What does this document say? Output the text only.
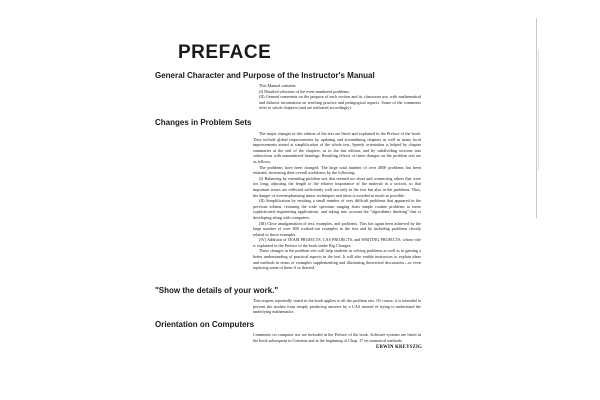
PREFACE
General Character and Purpose of the Instructor's Manual

This Manual contains:

(I) Detailed solutions of the even-numbered problems.

(II) General comments on the purpose of each section and its classroom use, with mathematical and didactic information on teaching practice and pedagogical aspects. Some of the comments refer to whole chapters (and are indicated accordingly).

Changes in Problem Sets

The major changes in this edition of the text are listed and explained in the Preface of the book. They include global improvements by updating and streamlining chapters as well as many local improvements aimed at simplification of the whole text. Speedy orientation is helped by chapter summaries at the end of the chapters, as in the last edition, and by subdividing sections into subsections with unnumbered headings. Resulting effects of these changes on the problem sets are as follows.

The problems have been changed. The large total number of over 4000 problems has been retained, increasing their overall usefulness by the following:

(I) Balancing by extending problem sets that seemed too short and contracting others that were too long, adjusting the length to the relative importance of the material in a section, so that important issues are reflected sufficiently well not only in the text but also in the problems. Thus, the danger of overemphasizing minor techniques and ideas is avoided as much as possible.

(II) Simplification by omitting a small number of very difficult problems that appeared in the previous edition, retaining the wide spectrum ranging from simple routine problems to more sophisticated engineering applications, and taking into account the "algorithmic thinking" that is developing along with computers.

(III) Close amalgamation of text, examples, and problems. This has again been achieved by the large number of over 600 worked-out examples in the text and by including problems closely related to those examples.

(IV) Addition of TEAM PROJECTS, CAS PROJECTS, and WRITING PROJECTS, whose role is explained in the Preface of the book under Big Changes.

These changes in the problem sets will help students in solving problems as well as in gaining a better understanding of practical aspects in the text. It will also enable instructors to explain ideas and methods in terms of examples supplementing and illustrating theoretical discussions—or even replacing some of them if so desired.

"Show the details of your work."

This request repeatedly stated in the book applies to all the problem sets. Of course, it is intended to prevent the student from simply producing answers by a CAS instead of trying to understand the underlying mathematics.

Orientation on Computers

Comments on computer use are included in the Preface of the book. Software systems are listed in the book subsequent to Contents and at the beginning of Chap. 17 on numerical methods.

ERWIN KREYSZIG
